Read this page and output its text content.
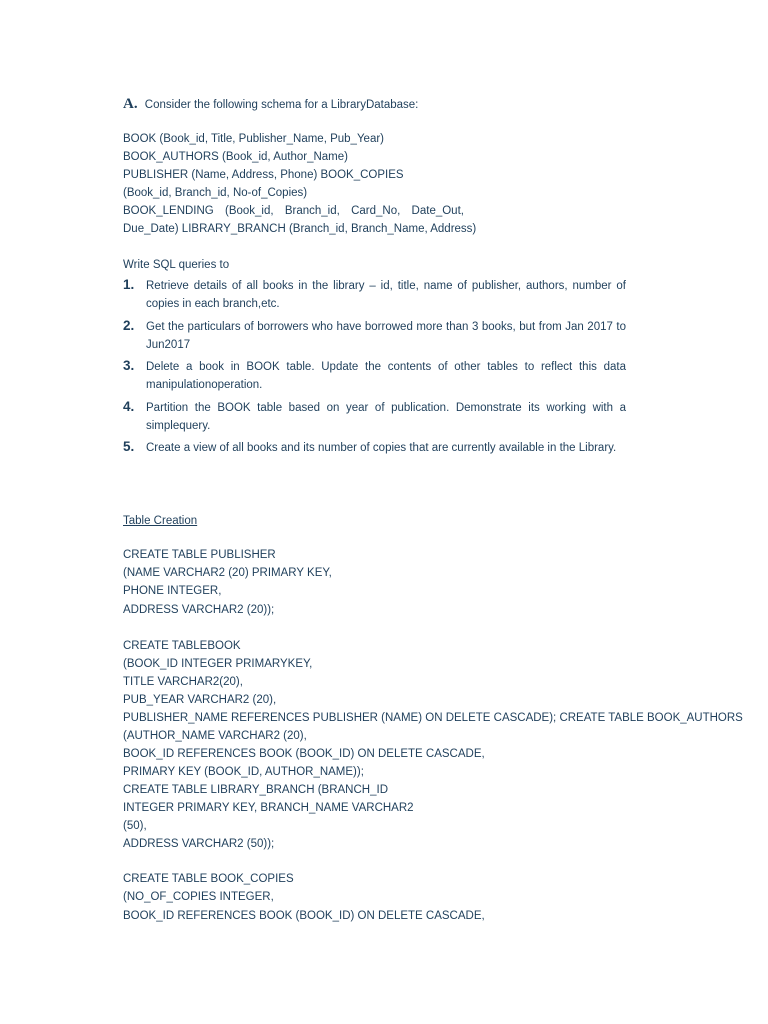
A. Consider the following schema for a LibraryDatabase:
BOOK (Book_id, Title, Publisher_Name, Pub_Year)
BOOK_AUTHORS (Book_id, Author_Name)
PUBLISHER (Name, Address, Phone) BOOK_COPIES
(Book_id, Branch_id, No-of_Copies)
BOOK_LENDING (Book_id, Branch_id, Card_No, Date_Out,
Due_Date) LIBRARY_BRANCH (Branch_id, Branch_Name, Address)
Write SQL queries to
1. Retrieve details of all books in the library – id, title, name of publisher, authors, number of copies in each branch,etc.
2. Get the particulars of borrowers who have borrowed more than 3 books, but from Jan 2017 to Jun2017
3. Delete a book in BOOK table. Update the contents of other tables to reflect this data manipulationoperation.
4. Partition the BOOK table based on year of publication. Demonstrate its working with a simplequery.
5. Create a view of all books and its number of copies that are currently available in the Library.
Table Creation
CREATE TABLE PUBLISHER
(NAME VARCHAR2 (20) PRIMARY KEY,
PHONE INTEGER,
ADDRESS VARCHAR2 (20));
CREATE TABLEBOOK
(BOOK_ID INTEGER PRIMARYKEY,
TITLE VARCHAR2(20),
PUB_YEAR VARCHAR2 (20),
PUBLISHER_NAME REFERENCES PUBLISHER (NAME) ON DELETE CASCADE); CREATE TABLE BOOK_AUTHORS
(AUTHOR_NAME VARCHAR2 (20),
BOOK_ID REFERENCES BOOK (BOOK_ID) ON DELETE CASCADE,
PRIMARY KEY (BOOK_ID, AUTHOR_NAME));
CREATE TABLE LIBRARY_BRANCH (BRANCH_ID
INTEGER PRIMARY KEY, BRANCH_NAME VARCHAR2
(50),
ADDRESS VARCHAR2 (50));
CREATE TABLE BOOK_COPIES
(NO_OF_COPIES INTEGER,
BOOK_ID REFERENCES BOOK (BOOK_ID) ON DELETE CASCADE,
